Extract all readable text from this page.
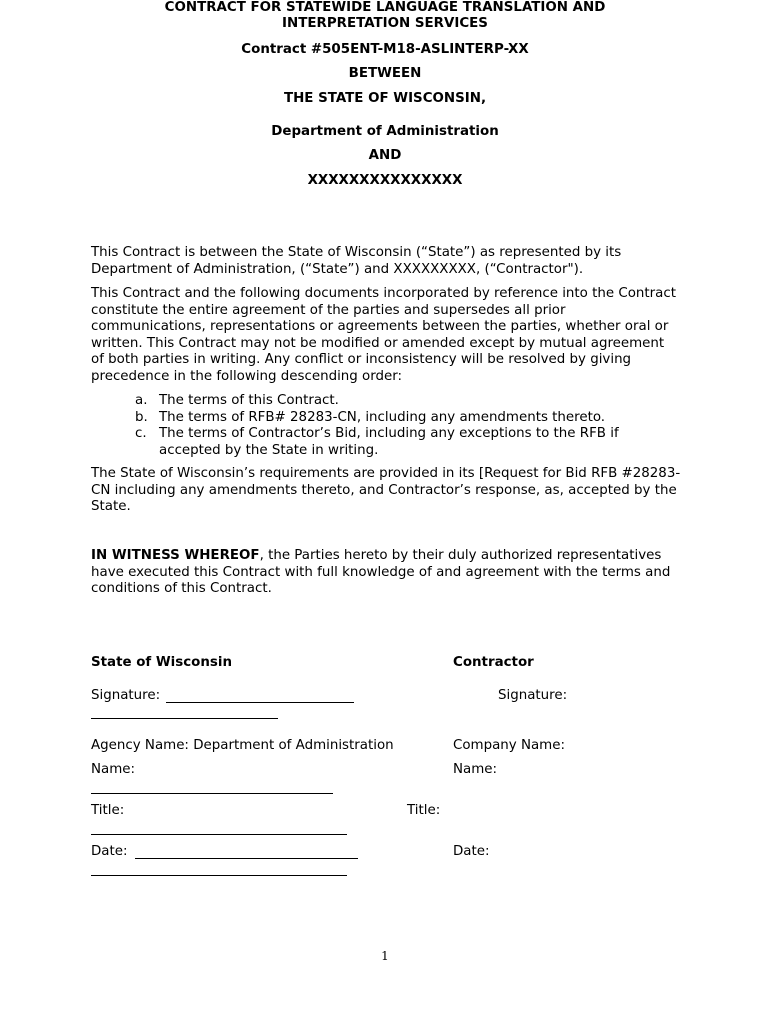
CONTRACT FOR STATEWIDE LANGUAGE TRANSLATION AND
INTERPRETATION SERVICES
Contract #505ENT-M18-ASLINTERP-XX
BETWEEN
THE STATE OF WISCONSIN,
Department of Administration
AND
XXXXXXXXXXXXXXX

This Contract is between the State of Wisconsin (“State”) as represented by its Department of Administration, (“State”) and XXXXXXXXX, (“Contractor").

This Contract and the following documents incorporated by reference into the Contract constitute the entire agreement of the parties and supersedes all prior communications, representations or agreements between the parties, whether oral or written. This Contract may not be modified or amended except by mutual agreement of both parties in writing. Any conflict or inconsistency will be resolved by giving precedence in the following descending order:

a. The terms of this Contract.
b. The terms of RFB# 28283-CN, including any amendments thereto.
c. The terms of Contractor’s Bid, including any exceptions to the RFB if accepted by the State in writing.

The State of Wisconsin’s requirements are provided in its [Request for Bid RFB #28283-CN including any amendments thereto, and Contractor’s response, as, accepted by the State.

IN WITNESS WHEREOF, the Parties hereto by their duly authorized representatives have executed this Contract with full knowledge of and agreement with the terms and conditions of this Contract.

State of Wisconsin	Contractor
Signature:	Signature:
Agency Name: Department of Administration	Company Name:
Name:	Name:
Title:	Title:
Date:	Date:
1
